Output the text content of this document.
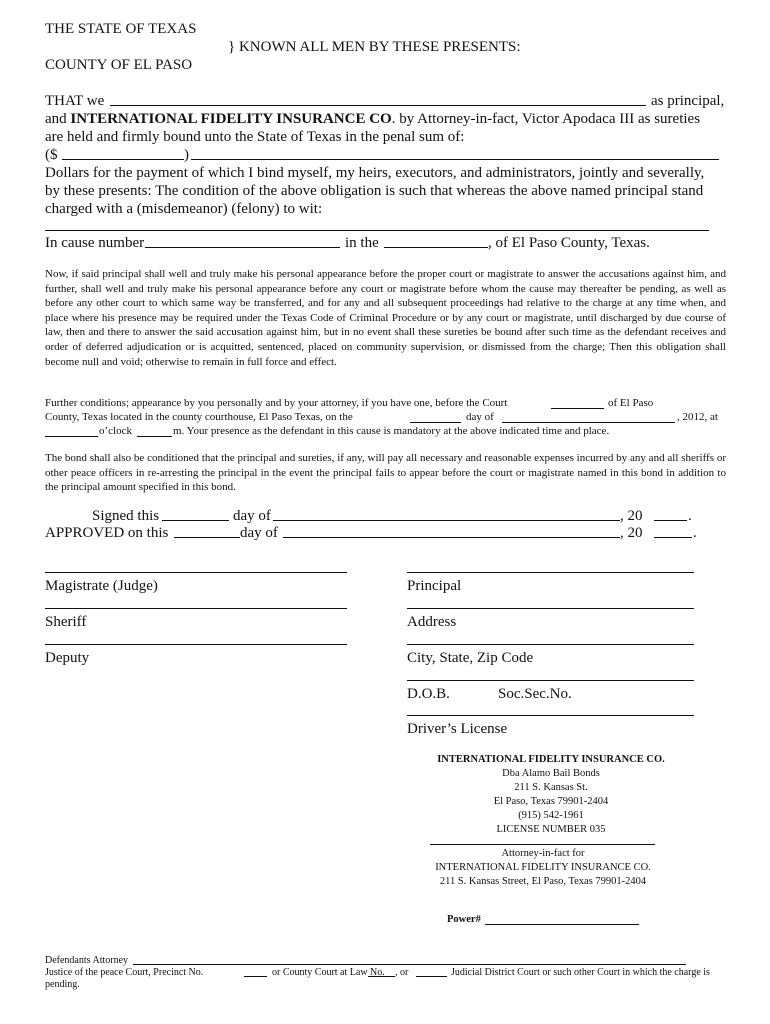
THE STATE OF TEXAS
} KNOWN ALL MEN BY THESE PRESENTS:
COUNTY OF EL PASO
THAT we	as principal,
and INTERNATIONAL FIDELITY INSURANCE CO. by Attorney-in-fact, Victor Apodaca III as sureties
are held and firmly bound unto the State of Texas in the penal sum of:
($	)
Dollars for the payment of which I bind myself, my heirs, executors, and administrators, jointly and severally,
by these presents: The condition of the above obligation is such that whereas the above named principal stand
charged with a (misdemeanor) (felony) to wit:
In cause number	in the	, of El Paso County, Texas.
Now, if said principal shall well and truly make his personal appearance before the proper court or magistrate to answer the accusations against him, and further, shall well and truly make his personal appearance before any court or magistrate before whom the cause may thereafter be pending, as well as before any other court to which same way be transferred, and for any and all subsequent proceedings had relative to the charge at any time when, and place where his presence may be required under the Texas Code of Criminal Procedure or by any court or magistrate, until discharged by due course of law, then and there to answer the said accusation against him, but in no event shall these sureties be bound after such time as the defendant receives and order of deferred adjudication or is acquitted, sentenced, placed on community supervision, or dismissed from the charge; Then this obligation shall become null and void; otherwise to remain in full force and effect.
Further conditions; appearance by you personally and by your attorney, if you have one, before the Court	of El Paso
County, Texas located in the county courthouse, El Paso Texas, on the	day of	, 2012, at
o’clock	m. Your presence as the defendant in this cause is mandatory at the above indicated time and place.
The bond shall also be conditioned that the principal and sureties, if any, will pay all necessary and reasonable expenses incurred by any and all sheriffs or other peace officers in re-arresting the principal in the event the principal fails to appear before the court or magistrate named in this bond in addition to the principal amount specified in this bond.
Signed this	day of	, 20	.
APPROVED on this	day of	, 20	.
Magistrate (Judge)
Sheriff
Deputy
Principal
Address
City, State, Zip Code
D.O.B.	Soc.Sec.No.
Driver’s License
INTERNATIONAL FIDELITY INSURANCE CO.
Dba Alamo Bail Bonds
211 S. Kansas St.
El Paso, Texas 79901-2404
(915) 542-1961
LICENSE NUMBER 035
Attorney-in-fact for
INTERNATIONAL FIDELITY INSURANCE CO.
211 S. Kansas Street, El Paso, Texas 79901-2404
Power#
Defendants Attorney
Justice of the peace Court, Precinct No.	or County Court at Law No. , or	Judicial District Court or such other Court in which the charge is
pending.
